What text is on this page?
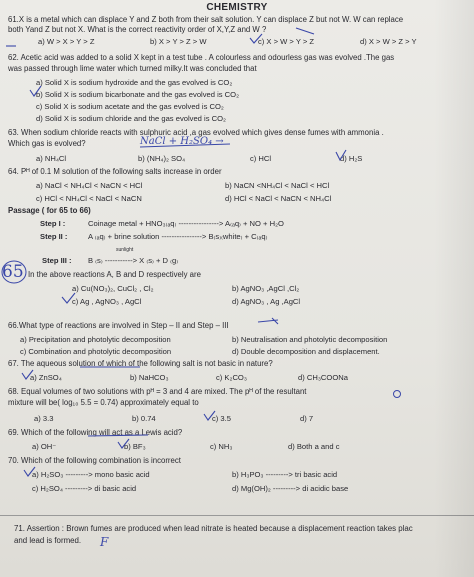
CHEMISTRY
61.X is a metal which can displace Y and Z both from their salt solution. Y can displace Z but not W. W can replace
both Yand Z but not X. What is the correct reactivity order of X,Y,Z and W ?
a) W > X > Y > Z	b) X > Y > Z > W	c) X > W > Y > Z	d) X > W > Z > Y
62. Acetic acid was added to a solid X kept in a test tube . A colourless and odourless gas was evolved .The gas
was passed through lime water which turned milky.It was concluded that
a) Solid X is sodium hydroxide and the gas evolved is CO₂
b) Solid X is sodium bicarbonate and the gas evolved is CO₂
c) Solid X is sodium acetate and the gas evolved is CO₂
d) Solid X is sodium chloride and the gas evolved is CO₂
63. When sodium chloride reacts with sulphuric acid ,a gas evolved which gives dense fumes with ammonia .
Which gas is evolved?	NaCl + H₂SO₄ →
a) NH₄Cl	b) (NH₄)₂ SO₄	c) HCl	d) H₂S
64. Pᴴ of 0.1 M solution of the following salts increase in order
a) NaCl < NH₄Cl < NaCN < HCl	b) NaCN <NH₄Cl < NaCl < HCl
c) HCl < NH₄Cl < NaCl < NaCN	d) HCl < NaCl < NaCN < NH₄Cl
Passage ( for 65 to 66)
Step I :	Coinage metal + HNO₃₍ₐq₎ ----------------> A₍ₐq₎ + NO + H₂O
Step II :	A ₍ₐq₎ + brine solution ----------------> B₍s₎₍white₎ + C₍ₐq₎
sunlight
Step III : B ₍s₎ -----------> X ₍s₎ + D ₍g₎
65 In the above reactions A, B and D respectively are
a) Cu(NO₃)₂, CuCl₂ , Cl₂	b) AgNO₃ ,AgCl ,Cl₂
c) Ag , AgNO₃ , AgCl	d) AgNO₃ , Ag ,AgCl
66.What type of reactions are involved in Step – II and Step – III
a) Precipitation and photolytic decomposition	b) Neutralisation and photolytic decomposition
c) Combination and photolytic decomposition	d) Double decomposition and displacement.
67. The aqueous solution of which of the following salt is not basic in nature?
a) ZnSO₄	b) NaHCO₃	c) K₂CO₃	d) CH₃COONa
68. Equal volumes of two solutions with pᴴ = 3 and 4 are mixed. The pᴴ of the resultant
mixture will be( log₁₀ 5.5 = 0.74) approximately equal to
a) 3.3	b) 0.74	c) 3.5	d) 7
69. Which of the following will act as a Lewis acid?
a) OH⁻	b) BF₃	c) NH₃	d) Both a and c
70. Which of the following combination is incorrect
a) H₂SO₃ ---------> mono basic acid	b) H₃PO₃ ---------> tri basic acid
c) H₂SO₄ ---------> di basic acid	d) Mg(OH)₂ ---------> di acidic base
71. Assertion : Brown fumes are produced when lead nitrate is heated because a displacement reaction takes plac
and lead is formed.	F
